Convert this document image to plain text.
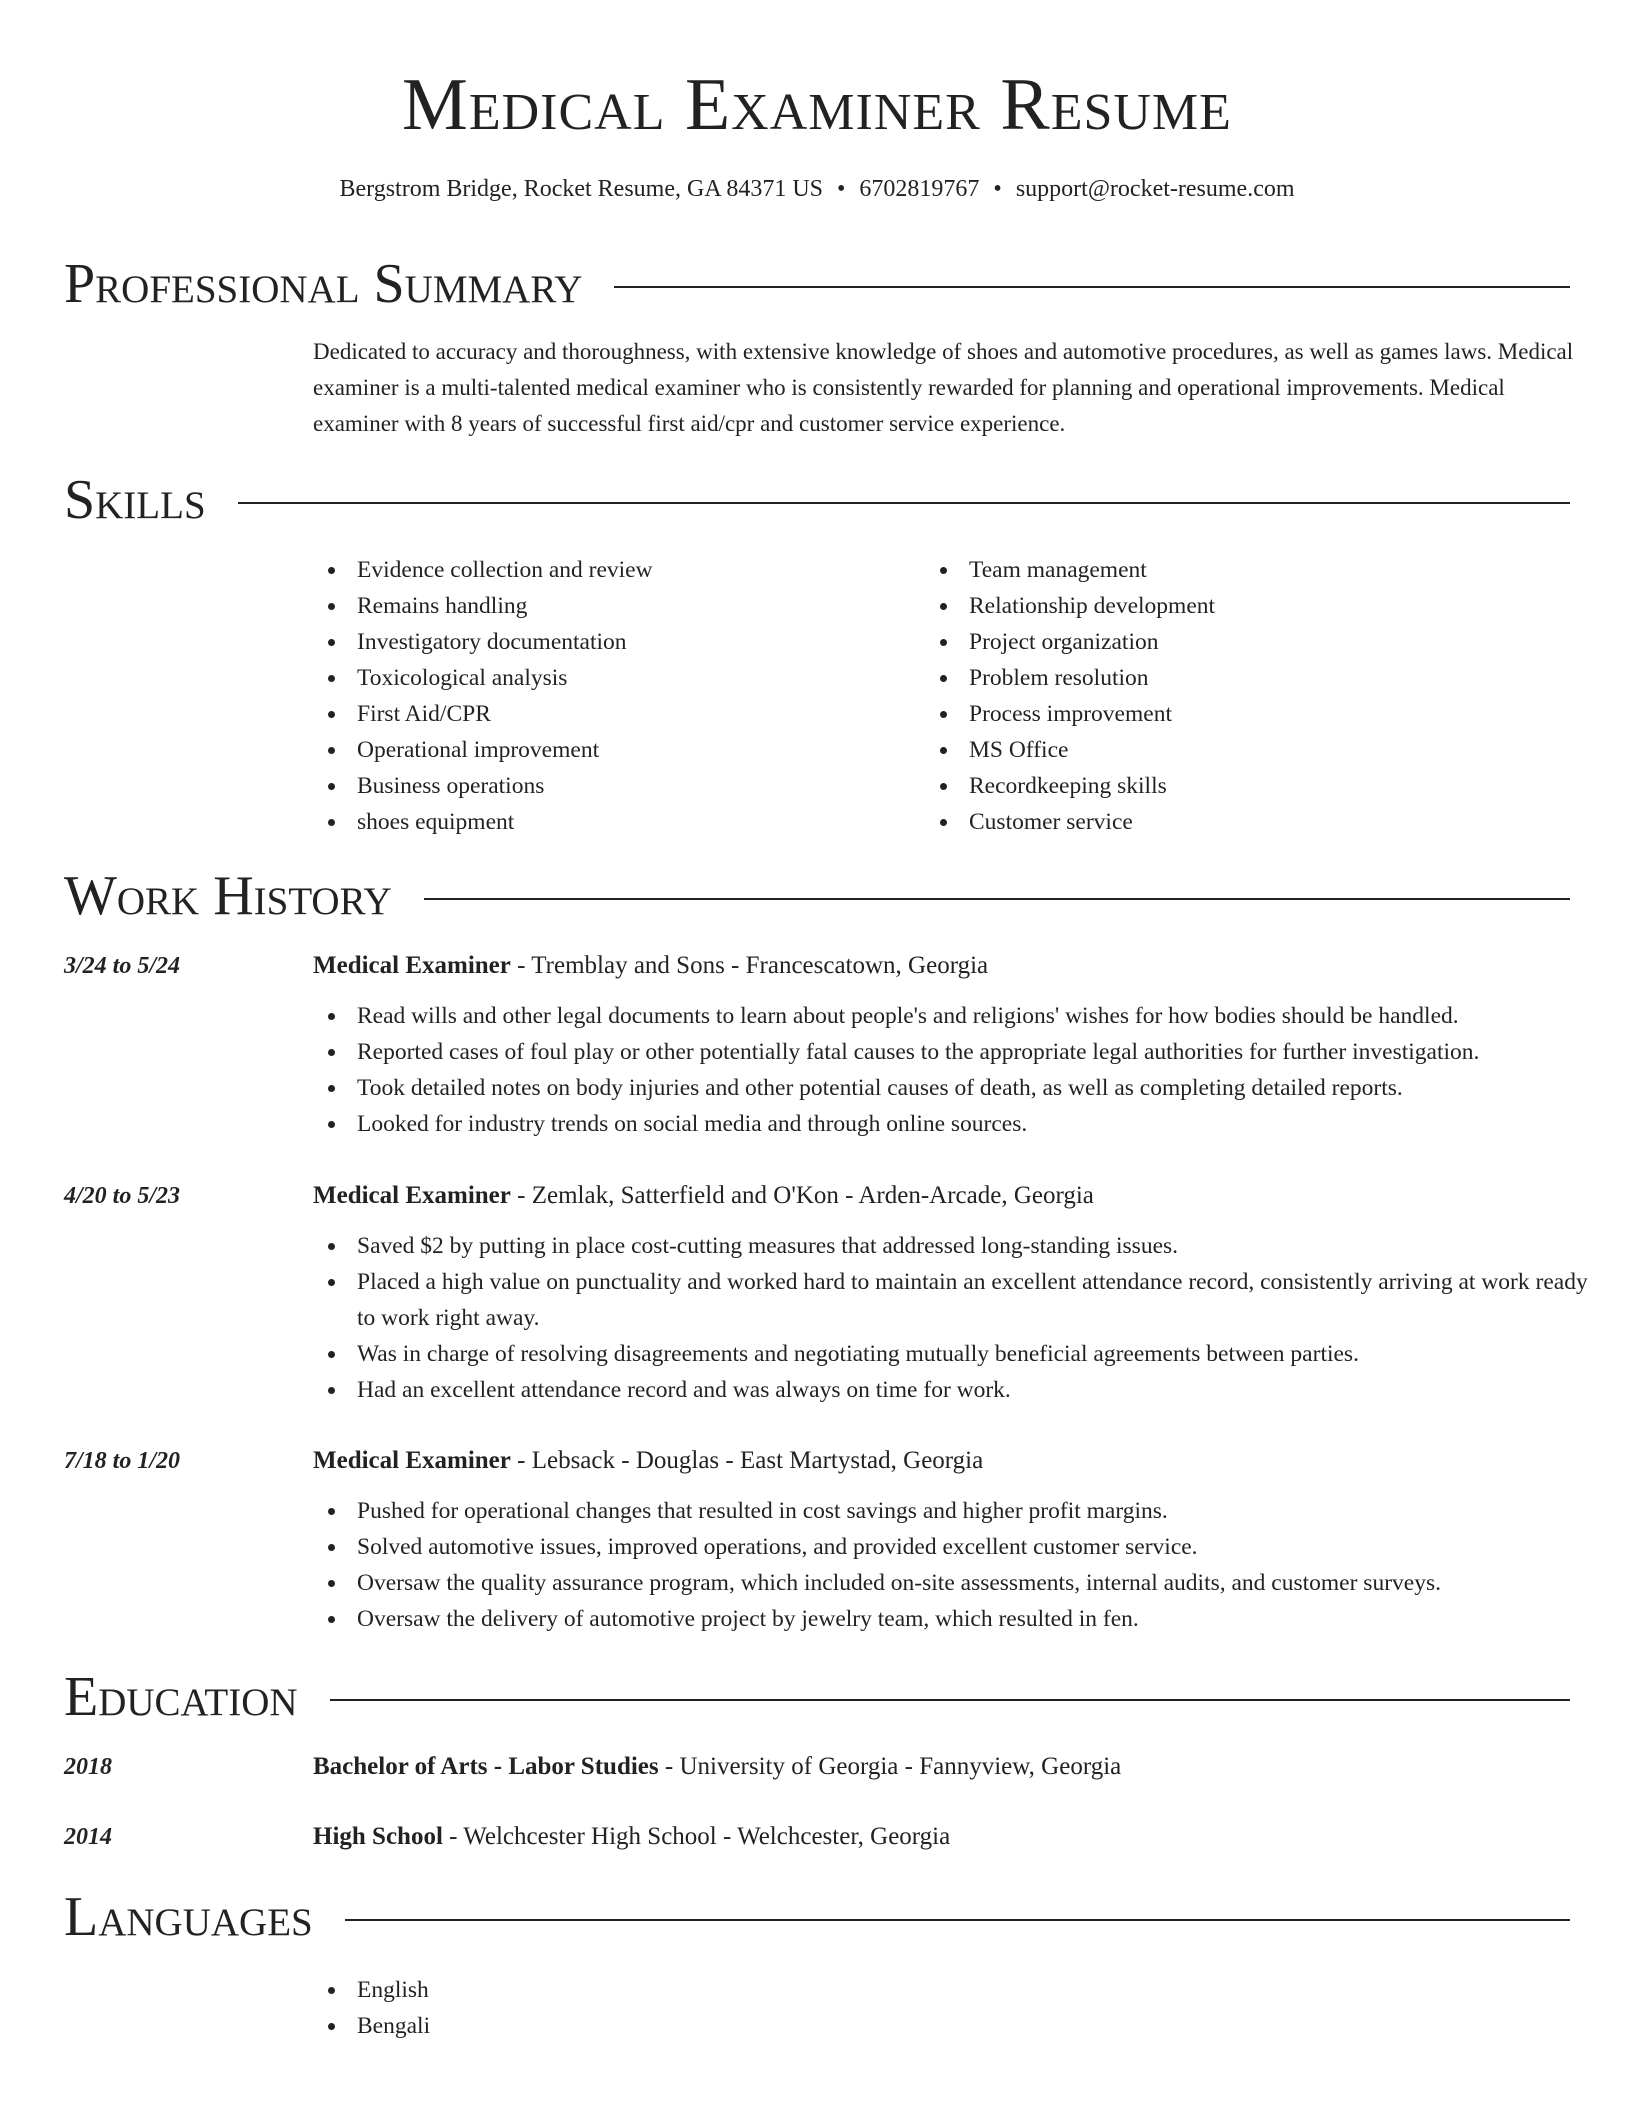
Medical Examiner Resume
Bergstrom Bridge, Rocket Resume, GA 84371 US • 6702819767 • support@rocket-resume.com
Professional Summary
Dedicated to accuracy and thoroughness, with extensive knowledge of shoes and automotive procedures, as well as games laws. Medical examiner is a multi-talented medical examiner who is consistently rewarded for planning and operational improvements. Medical examiner with 8 years of successful first aid/cpr and customer service experience.
Skills
Evidence collection and review
Remains handling
Investigatory documentation
Toxicological analysis
First Aid/CPR
Operational improvement
Business operations
shoes equipment
Team management
Relationship development
Project organization
Problem resolution
Process improvement
MS Office
Recordkeeping skills
Customer service
Work History
3/24 to 5/24	Medical Examiner - Tremblay and Sons - Francescatown, Georgia
Read wills and other legal documents to learn about people's and religions' wishes for how bodies should be handled.
Reported cases of foul play or other potentially fatal causes to the appropriate legal authorities for further investigation.
Took detailed notes on body injuries and other potential causes of death, as well as completing detailed reports.
Looked for industry trends on social media and through online sources.
4/20 to 5/23	Medical Examiner - Zemlak, Satterfield and O'Kon - Arden-Arcade, Georgia
Saved $2 by putting in place cost-cutting measures that addressed long-standing issues.
Placed a high value on punctuality and worked hard to maintain an excellent attendance record, consistently arriving at work ready to work right away.
Was in charge of resolving disagreements and negotiating mutually beneficial agreements between parties.
Had an excellent attendance record and was always on time for work.
7/18 to 1/20	Medical Examiner - Lebsack - Douglas - East Martystad, Georgia
Pushed for operational changes that resulted in cost savings and higher profit margins.
Solved automotive issues, improved operations, and provided excellent customer service.
Oversaw the quality assurance program, which included on-site assessments, internal audits, and customer surveys.
Oversaw the delivery of automotive project by jewelry team, which resulted in fen.
Education
2018	Bachelor of Arts - Labor Studies - University of Georgia - Fannyview, Georgia
2014	High School - Welchcester High School - Welchcester, Georgia
Languages
English
Bengali
